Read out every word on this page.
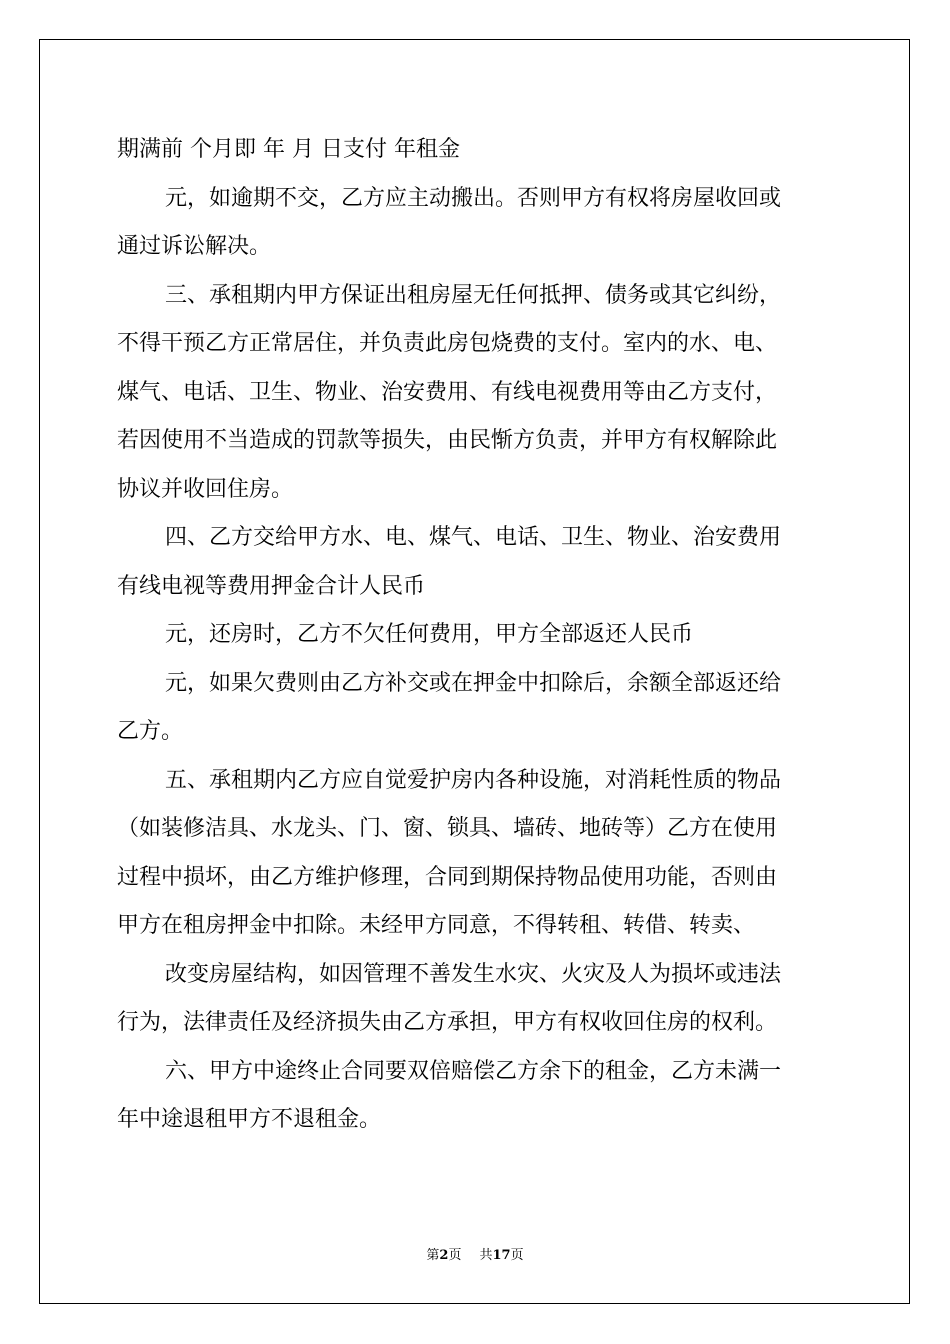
期满前 个月即 年 月 日支付 年租金
元，如逾期不交，乙方应主动搬出。否则甲方有权将房屋收回或
通过诉讼解决。
三、承租期内甲方保证出租房屋无任何抵押、债务或其它纠纷，
不得干预乙方正常居住，并负责此房包烧费的支付。室内的水、电、
煤气、电话、卫生、物业、治安费用、有线电视费用等由乙方支付，
若因使用不当造成的罚款等损失，由民惭方负责，并甲方有权解除此
协议并收回住房。
四、乙方交给甲方水、电、煤气、电话、卫生、物业、治安费用
有线电视等费用押金合计人民币
元，还房时，乙方不欠任何费用，甲方全部返还人民币
元，如果欠费则由乙方补交或在押金中扣除后，余额全部返还给
乙方。
五、承租期内乙方应自觉爱护房内各种设施，对消耗性质的物品
（如装修洁具、水龙头、门、窗、锁具、墙砖、地砖等）乙方在使用
过程中损坏，由乙方维护修理，合同到期保持物品使用功能，否则由
甲方在租房押金中扣除。未经甲方同意，不得转租、转借、转卖、
改变房屋结构，如因管理不善发生水灾、火灾及人为损坏或违法
行为，法律责任及经济损失由乙方承担，甲方有权收回住房的权利。
六、甲方中途终止合同要双倍赔偿乙方余下的租金，乙方未满一
年中途退租甲方不退租金。
第2页 共17页
